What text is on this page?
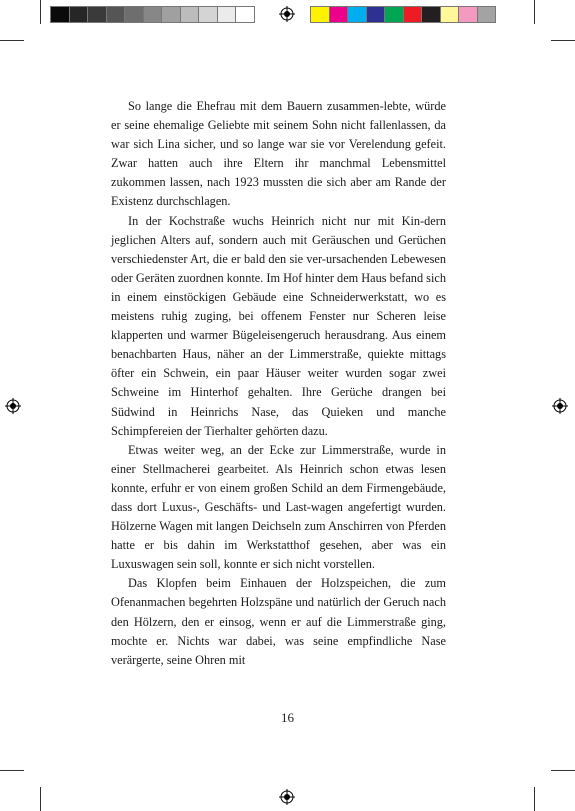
So lange die Ehefrau mit dem Bauern zusammen-lebte, würde er seine ehemalige Geliebte mit seinem Sohn nicht fallenlassen, da war sich Lina sicher, und so lange war sie vor Verelendung gefeit. Zwar hatten auch ihre Eltern ihr manchmal Lebensmittel zukommen lassen, nach 1923 mussten die sich aber am Rande der Existenz durchschlagen.

In der Kochstraße wuchs Heinrich nicht nur mit Kin-dern jeglichen Alters auf, sondern auch mit Geräuschen und Gerüchen verschiedenster Art, die er bald den sie ver-ursachenden Lebewesen oder Geräten zuordnen konnte. Im Hof hinter dem Haus befand sich in einem einstöckigen Gebäude eine Schneiderwerkstatt, wo es meistens ruhig zuging, bei offenem Fenster nur Scheren leise klapperten und warmer Bügeleisengeruch herausdrang. Aus einem benachbarten Haus, näher an der Limmerstraße, quiekte mittags öfter ein Schwein, ein paar Häuser weiter wurden sogar zwei Schweine im Hinterhof gehalten. Ihre Gerüche drangen bei Südwind in Heinrichs Nase, das Quieken und manche Schimpfereien der Tierhalter gehörten dazu.

Etwas weiter weg, an der Ecke zur Limmerstraße, wurde in einer Stellmacherei gearbeitet. Als Heinrich schon etwas lesen konnte, erfuhr er von einem großen Schild an dem Firmengebäude, dass dort Luxus-, Geschäfts- und Last-wagen angefertigt wurden. Hölzerne Wagen mit langen Deichseln zum Anschirren von Pferden hatte er bis dahin im Werkstatthof gesehen, aber was ein Luxuswagen sein soll, konnte er sich nicht vorstellen.

Das Klopfen beim Einhauen der Holzspeichen, die zum Ofenanmachen begehrten Holzspäne und natürlich der Geruch nach den Hölzern, den er einsog, wenn er auf die Limmerstraße ging, mochte er. Nichts war dabei, was seine empfindliche Nase verärgerte, seine Ohren mit

16
